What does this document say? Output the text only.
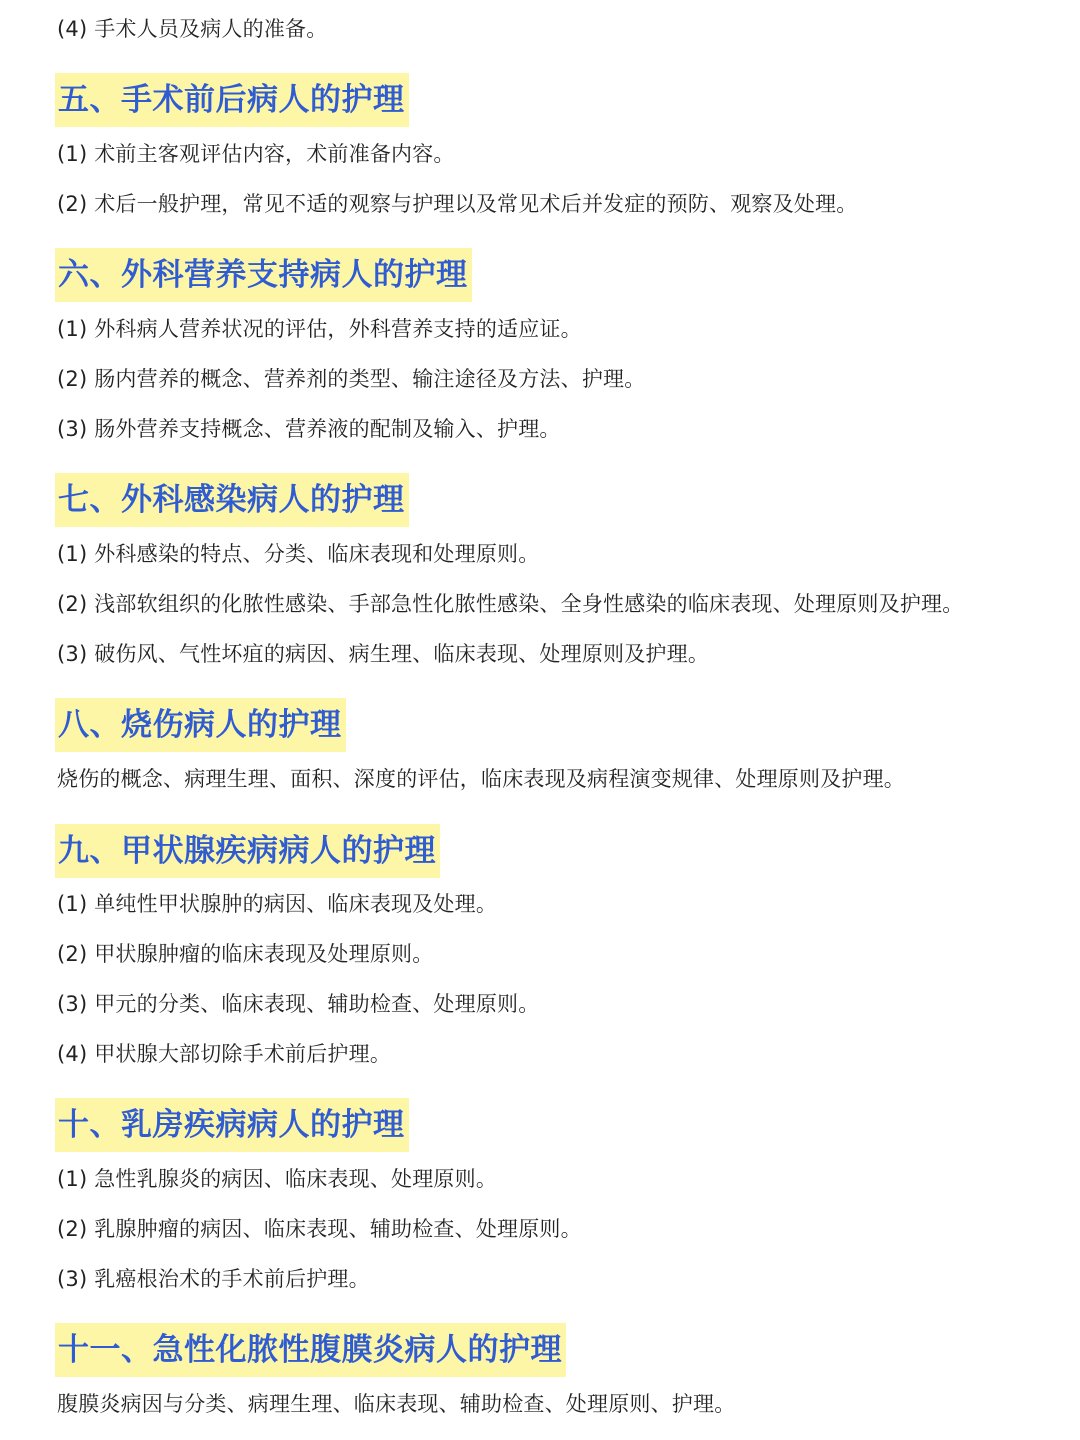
(4) 手术人员及病人的准备。

五、手术前后病人的护理

(1) 术前主客观评估内容，术前准备内容。

(2) 术后一般护理，常见不适的观察与护理以及常见术后并发症的预防、观察及处理。

六、外科营养支持病人的护理

(1) 外科病人营养状况的评估，外科营养支持的适应证。

(2) 肠内营养的概念、营养剂的类型、输注途径及方法、护理。

(3) 肠外营养支持概念、营养液的配制及输入、护理。

七、外科感染病人的护理

(1) 外科感染的特点、分类、临床表现和处理原则。

(2) 浅部软组织的化脓性感染、手部急性化脓性感染、全身性感染的临床表现、处理原则及护理。

(3) 破伤风、气性坏疽的病因、病生理、临床表现、处理原则及护理。

八、烧伤病人的护理

烧伤的概念、病理生理、面积、深度的评估，临床表现及病程演变规律、处理原则及护理。

九、甲状腺疾病病人的护理

(1) 单纯性甲状腺肿的病因、临床表现及处理。

(2) 甲状腺肿瘤的临床表现及处理原则。

(3) 甲元的分类、临床表现、辅助检查、处理原则。

(4) 甲状腺大部切除手术前后护理。

十、乳房疾病病人的护理

(1) 急性乳腺炎的病因、临床表现、处理原则。

(2) 乳腺肿瘤的病因、临床表现、辅助检查、处理原则。

(3) 乳癌根治术的手术前后护理。

十一、急性化脓性腹膜炎病人的护理

腹膜炎病因与分类、病理生理、临床表现、辅助检查、处理原则、护理。
